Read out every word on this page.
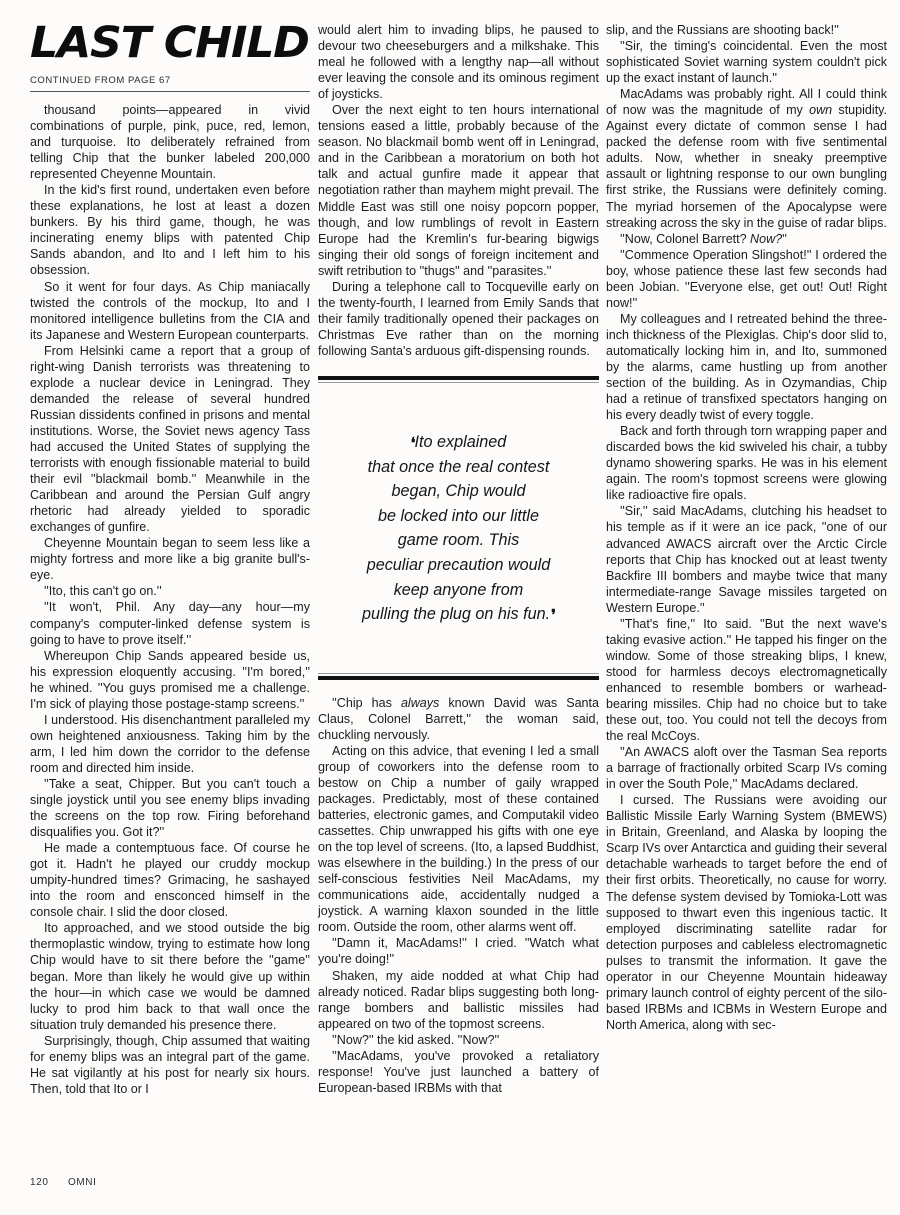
LAST CHILD
CONTINUED FROM PAGE 67

thousand points—appeared in vivid combinations of purple, pink, puce, red, lemon, and turquoise. Ito deliberately refrained from telling Chip that the bunker labeled 200,000 represented Cheyenne Mountain.

In the kid's first round, undertaken even before these explanations, he lost at least a dozen bunkers. By his third game, though, he was incinerating enemy blips with patented Chip Sands abandon, and Ito and I left him to his obsession.

So it went for four days. As Chip maniacally twisted the controls of the mockup, Ito and I monitored intelligence bulletins from the CIA and its Japanese and Western European counterparts.

From Helsinki came a report that a group of right-wing Danish terrorists was threatening to explode a nuclear device in Leningrad. They demanded the release of several hundred Russian dissidents confined in prisons and mental institutions. Worse, the Soviet news agency Tass had accused the United States of supplying the terrorists with enough fissionable material to build their evil ''blackmail bomb.'' Meanwhile in the Caribbean and around the Persian Gulf angry rhetoric had already yielded to sporadic exchanges of gunfire.

Cheyenne Mountain began to seem less like a mighty fortress and more like a big granite bull's-eye.

''Ito, this can't go on.''

''It won't, Phil. Any day—any hour—my company's computer-linked defense system is going to have to prove itself.''

Whereupon Chip Sands appeared beside us, his expression eloquently accusing. ''I'm bored,'' he whined. ''You guys promised me a challenge. I'm sick of playing those postage-stamp screens.''

I understood. His disenchantment paralleled my own heightened anxiousness. Taking him by the arm, I led him down the corridor to the defense room and directed him inside.

''Take a seat, Chipper. But you can't touch a single joystick until you see enemy blips invading the screens on the top row. Firing beforehand disqualifies you. Got it?''

He made a contemptuous face. Of course he got it. Hadn't he played our cruddy mockup umpity-hundred times? Grimacing, he sashayed into the room and ensconced himself in the console chair. I slid the door closed.

Ito approached, and we stood outside the big thermoplastic window, trying to estimate how long Chip would have to sit there before the ''game'' began. More than likely he would give up within the hour—in which case we would be damned lucky to prod him back to that wall once the situation truly demanded his presence there.

Surprisingly, though, Chip assumed that waiting for enemy blips was an integral part of the game. He sat vigilantly at his post for nearly six hours. Then, told that Ito or I

would alert him to invading blips, he paused to devour two cheeseburgers and a milkshake. This meal he followed with a lengthy nap—all without ever leaving the console and its ominous regiment of joysticks.

Over the next eight to ten hours international tensions eased a little, probably because of the season. No blackmail bomb went off in Leningrad, and in the Caribbean a moratorium on both hot talk and actual gunfire made it appear that negotiation rather than mayhem might prevail. The Middle East was still one noisy popcorn popper, though, and low rumblings of revolt in Eastern Europe had the Kremlin's fur-bearing bigwigs singing their old songs of foreign incitement and swift retribution to ''thugs'' and ''parasites.''

During a telephone call to Tocqueville early on the twenty-fourth, I learned from Emily Sands that their family traditionally opened their packages on Christmas Eve rather than on the morning following Santa's arduous gift-dispensing rounds.

❛Ito explained
that once the real contest
began, Chip would
be locked into our little
game room. This
peculiar precaution would
keep anyone from
pulling the plug on his fun.❜

''Chip has always known David was Santa Claus, Colonel Barrett,'' the woman said, chuckling nervously.

Acting on this advice, that evening I led a small group of coworkers into the defense room to bestow on Chip a number of gaily wrapped packages. Predictably, most of these contained batteries, electronic games, and Computakil video cassettes. Chip unwrapped his gifts with one eye on the top level of screens. (Ito, a lapsed Buddhist, was elsewhere in the building.) In the press of our self-conscious festivities Neil MacAdams, my communications aide, accidentally nudged a joystick. A warning klaxon sounded in the little room. Outside the room, other alarms went off.

''Damn it, MacAdams!'' I cried. ''Watch what you're doing!''

Shaken, my aide nodded at what Chip had already noticed. Radar blips suggesting both long-range bombers and ballistic missiles had appeared on two of the topmost screens.

''Now?'' the kid asked. ''Now?''

''MacAdams, you've provoked a retaliatory response! You've just launched a battery of European-based IRBMs with that

slip, and the Russians are shooting back!''

''Sir, the timing's coincidental. Even the most sophisticated Soviet warning system couldn't pick up the exact instant of launch.''

MacAdams was probably right. All I could think of now was the magnitude of my own stupidity. Against every dictate of common sense I had packed the defense room with five sentimental adults. Now, whether in sneaky preemptive assault or lightning response to our own bungling first strike, the Russians were definitely coming. The myriad horsemen of the Apocalypse were streaking across the sky in the guise of radar blips.

''Now, Colonel Barrett? Now?''

''Commence Operation Slingshot!'' I ordered the boy, whose patience these last few seconds had been Jobian. ''Everyone else, get out! Out! Right now!''

My colleagues and I retreated behind the three-inch thickness of the Plexiglas. Chip's door slid to, automatically locking him in, and Ito, summoned by the alarms, came hustling up from another section of the building. As in Ozymandias, Chip had a retinue of transfixed spectators hanging on his every deadly twist of every toggle.

Back and forth through torn wrapping paper and discarded bows the kid swiveled his chair, a tubby dynamo showering sparks. He was in his element again. The room's topmost screens were glowing like radioactive fire opals.

''Sir,'' said MacAdams, clutching his headset to his temple as if it were an ice pack, ''one of our advanced AWACS aircraft over the Arctic Circle reports that Chip has knocked out at least twenty Backfire III bombers and maybe twice that many intermediate-range Savage missiles targeted on Western Europe.''

''That's fine,'' Ito said. ''But the next wave's taking evasive action.'' He tapped his finger on the window. Some of those streaking blips, I knew, stood for harmless decoys electromagnetically enhanced to resemble bombers or warhead-bearing missiles. Chip had no choice but to take these out, too. You could not tell the decoys from the real McCoys.

''An AWACS aloft over the Tasman Sea reports a barrage of fractionally orbited Scarp IVs coming in over the South Pole,'' MacAdams declared.

I cursed. The Russians were avoiding our Ballistic Missile Early Warning System (BMEWS) in Britain, Greenland, and Alaska by looping the Scarp IVs over Antarctica and guiding their several detachable warheads to target before the end of their first orbits. Theoretically, no cause for worry. The defense system devised by Tomioka-Lott was supposed to thwart even this ingenious tactic. It employed discriminating satellite radar for detection purposes and cableless electromagnetic pulses to transmit the information. It gave the operator in our Cheyenne Mountain hideaway primary launch control of eighty percent of the silo-based IRBMs and ICBMs in Western Europe and North America, along with sec-

120 OMNI
